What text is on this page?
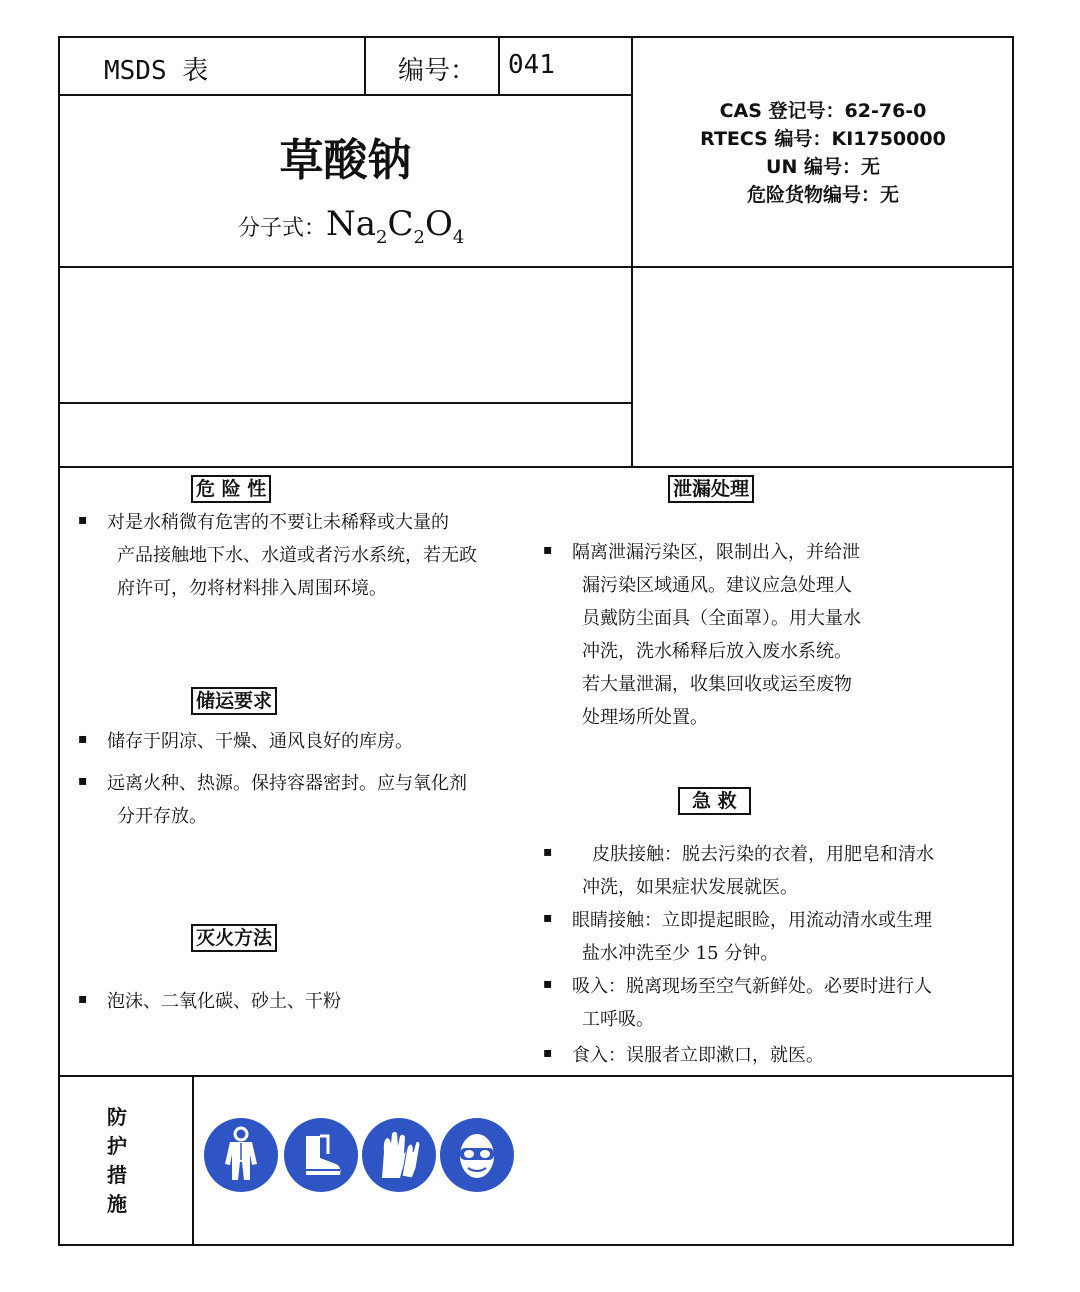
MSDS 表	编号： 041
草酸钠
分子式：$Na_2C_2O_4$
CAS 登记号：62-76-0
RTECS 编号：KI1750000
UN 编号：无
危险货物编号：无
危 险 性
储运要求
灭火方法
泄漏处理
急 救
▪ 对是水稍微有危害的不要让未稀释或大量的
产品接触地下水、水道或者污水系统，若无政
府许可，勿将材料排入周围环境。
▪ 储存于阴凉、干燥、通风良好的库房。
▪ 远离火种、热源。保持容器密封。应与氧化剂
分开存放。
▪ 泡沫、二氧化碳、砂土、干粉
▪ 隔离泄漏污染区，限制出入，并给泄
漏污染区域通风。建议应急处理人
员戴防尘面具（全面罩）。用大量水
冲洗，洗水稀释后放入废水系统。
若大量泄漏，收集回收或运至废物
处理场所处置。
▪ 皮肤接触：脱去污染的衣着，用肥皂和清水
冲洗，如果症状发展就医。
▪ 眼睛接触：立即提起眼睑，用流动清水或生理
盐水冲洗至少 15 分钟。
▪ 吸入：脱离现场至空气新鲜处。必要时进行人
工呼吸。
▪ 食入：误服者立即漱口，就医。
防
护
措
施
